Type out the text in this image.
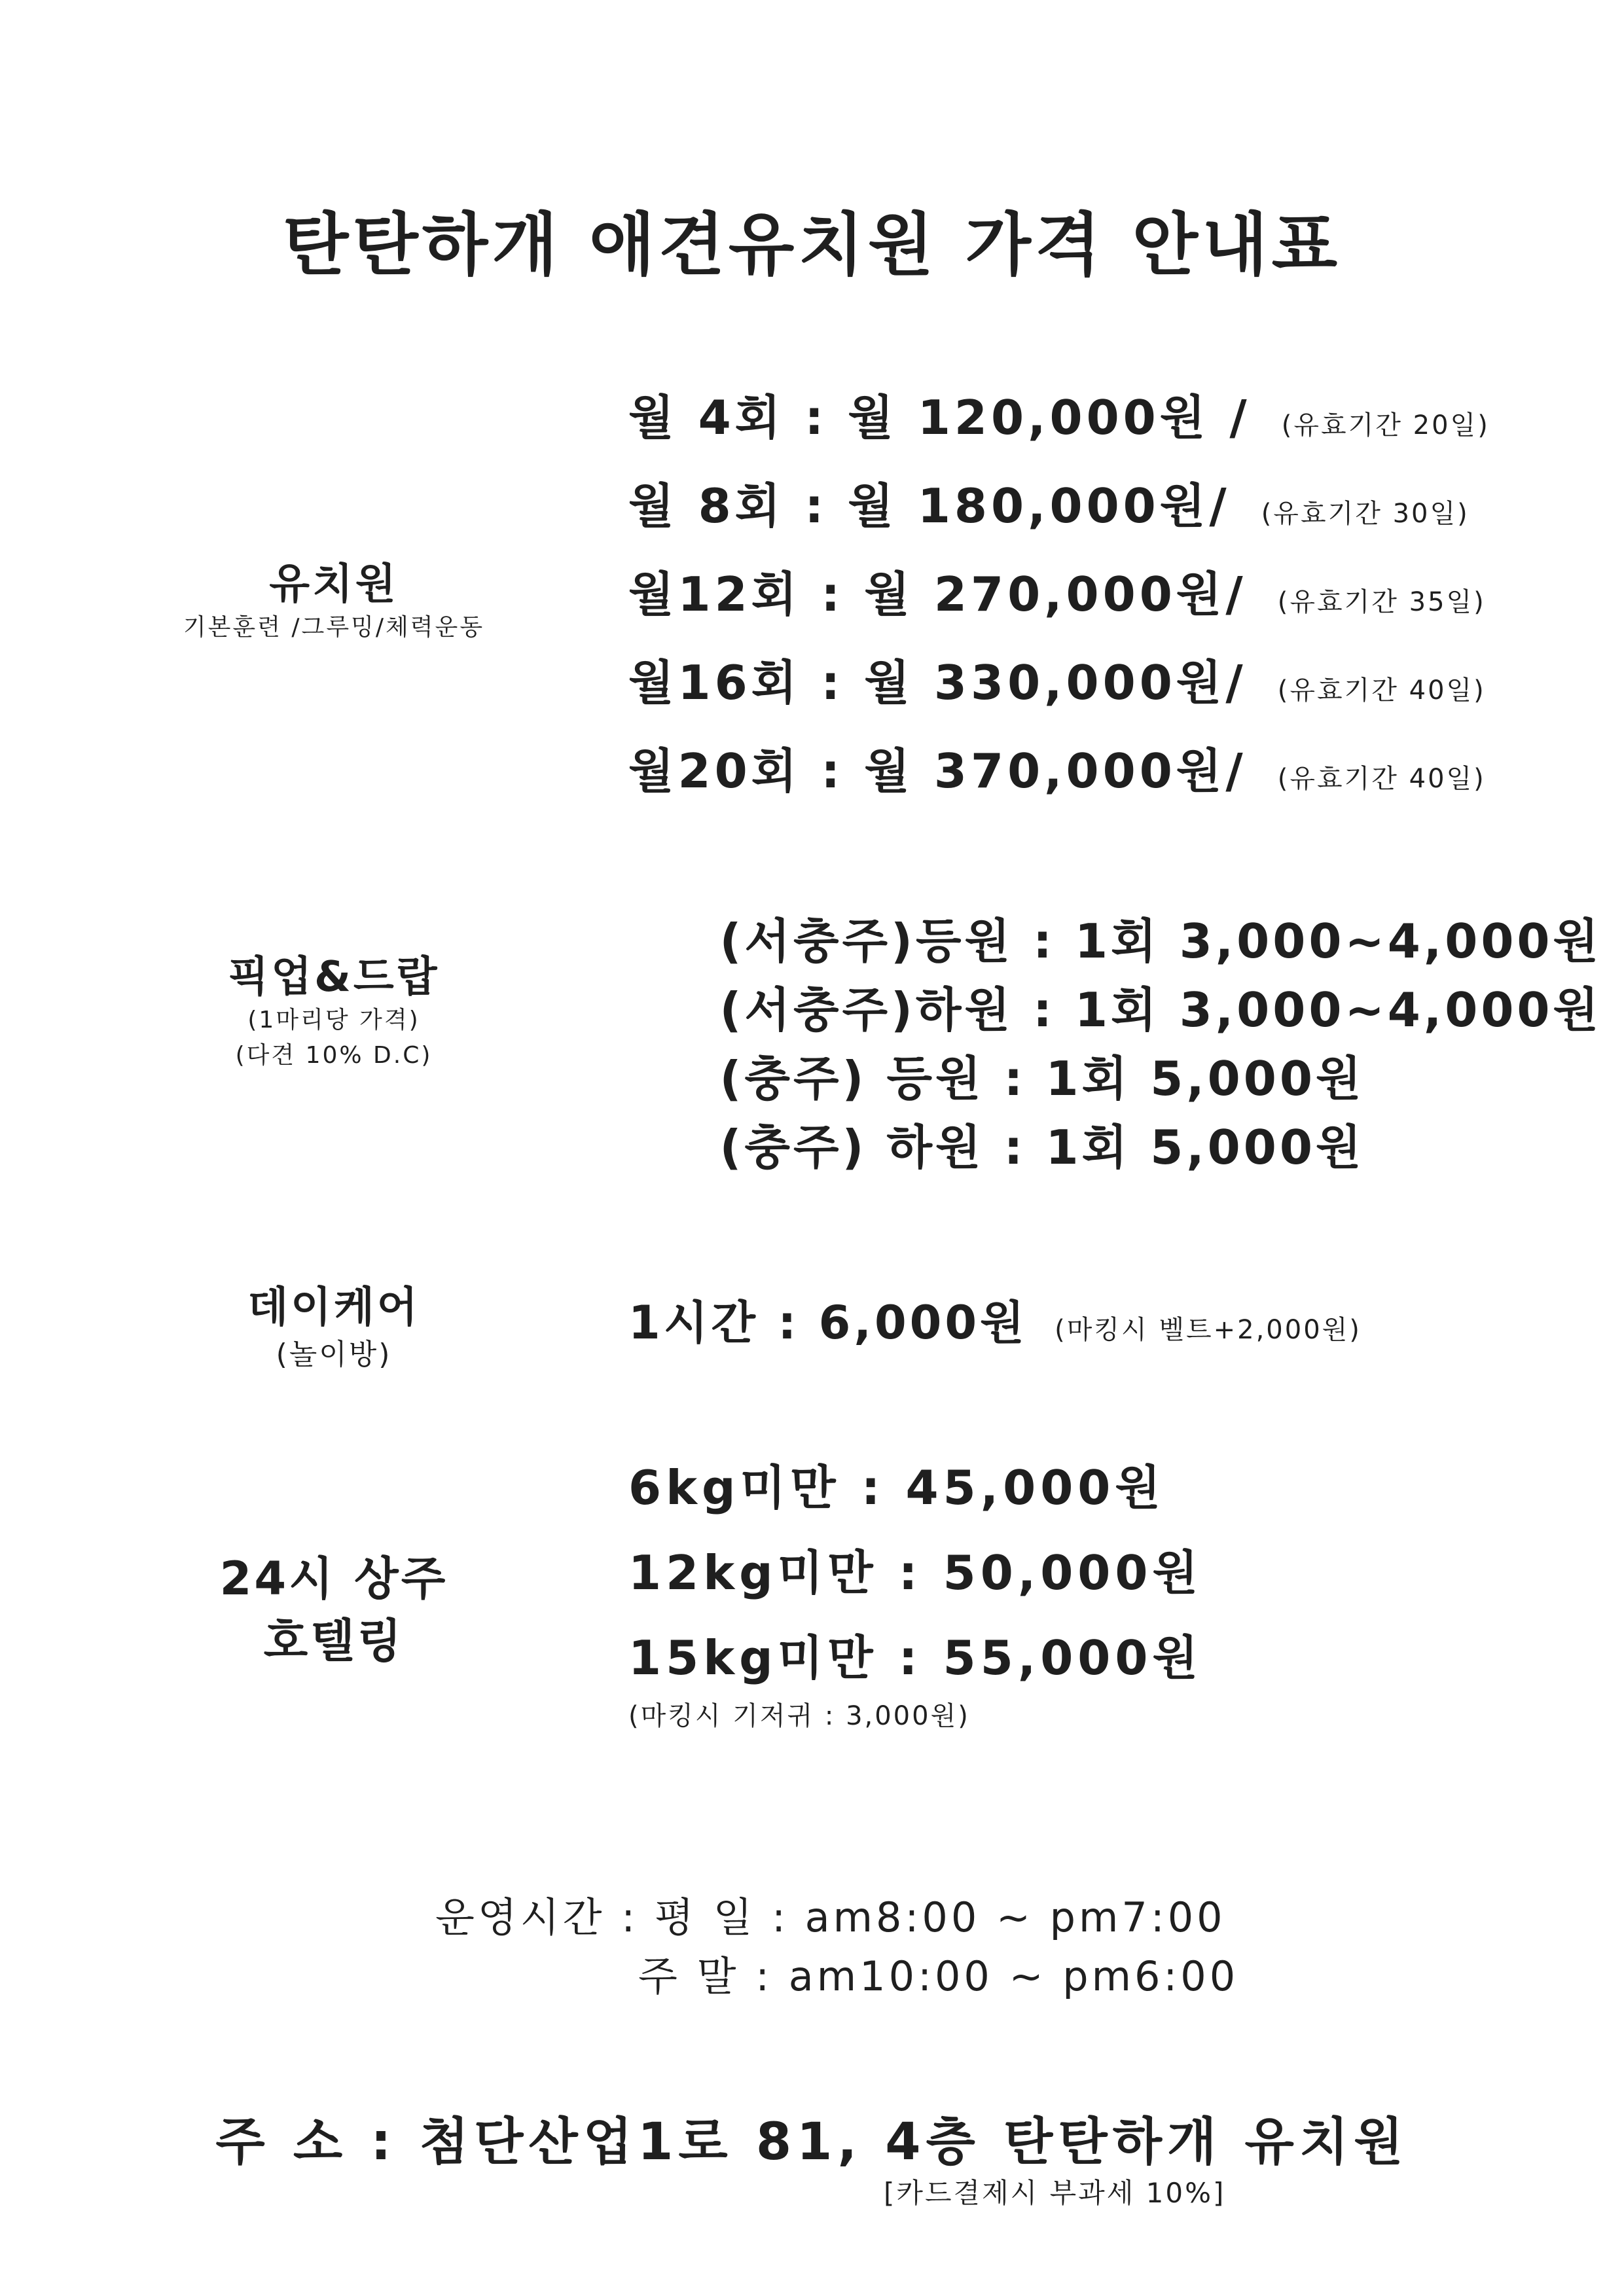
탄탄하개 애견유치원 가격 안내표
유치원
기본훈련 /그루밍/체력운동
월 4회 : 월 120,000원 / (유효기간 20일)
월 8회 : 월 180,000원/ (유효기간 30일)
월12회 : 월 270,000원/ (유효기간 35일)
월16회 : 월 330,000원/ (유효기간 40일)
월20회 : 월 370,000원/ (유효기간 40일)
픽업&드랍
(1마리당 가격)
(다견 10% D.C)
(서충주)등원 : 1회 3,000~4,000원
(서충주)하원 : 1회 3,000~4,000원
(충주) 등원 : 1회 5,000원
(충주) 하원 : 1회 5,000원
데이케어
(놀이방)
1시간 : 6,000원 (마킹시 벨트+2,000원)
24시 상주
호텔링
6kg미만 : 45,000원
12kg미만 : 50,000원
15kg미만 : 55,000원
(마킹시 기저귀 : 3,000원)
운영시간 : 평 일 : am8:00 ~ pm7:00
주 말 : am10:00 ~ pm6:00
주 소 : 첨단산업1로 81, 4층 탄탄하개 유치원
[카드결제시 부과세 10%]
